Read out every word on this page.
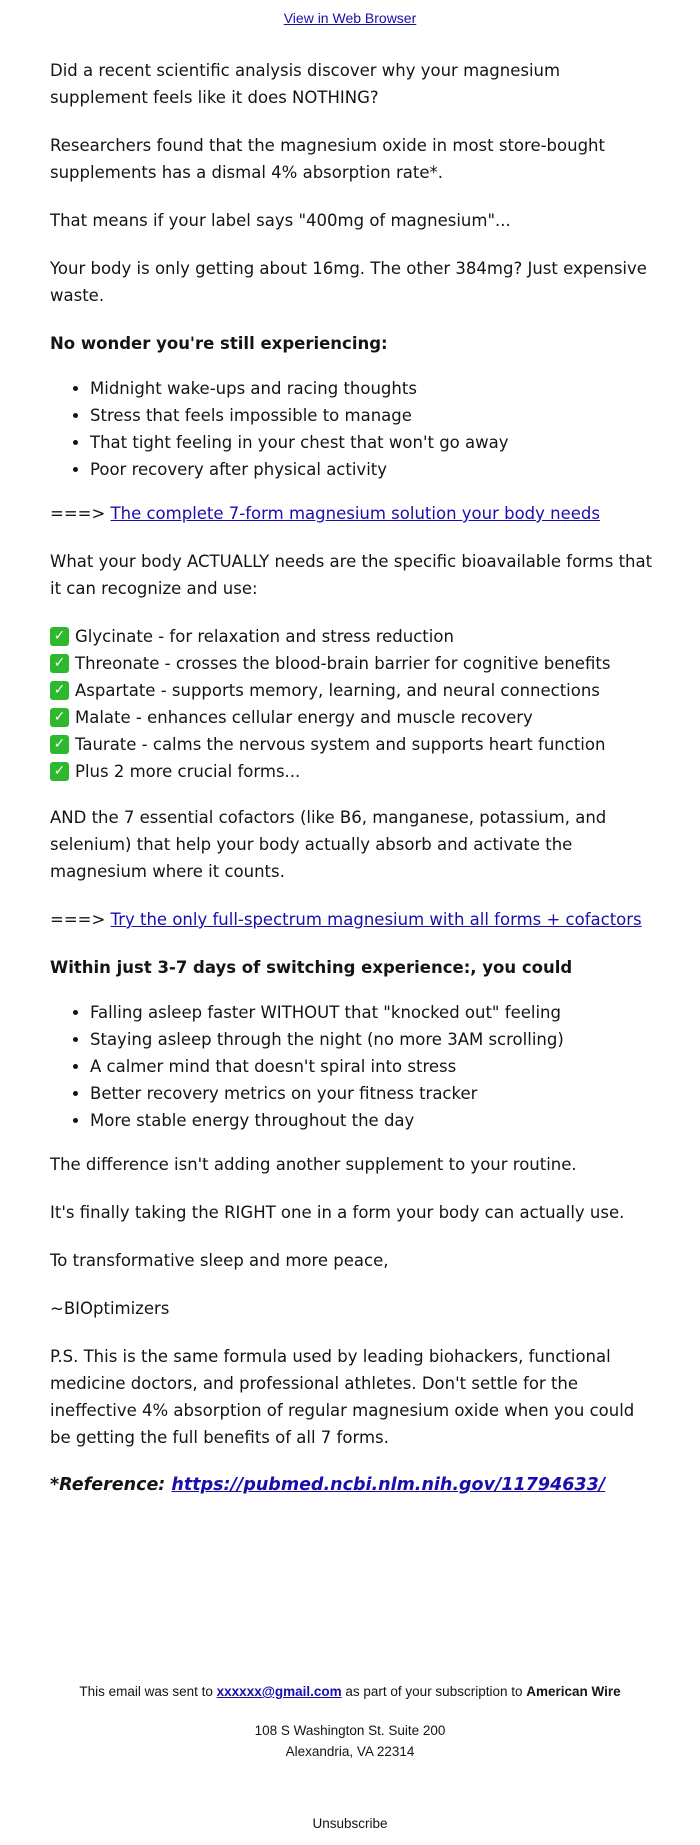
View in Web Browser

Did a recent scientific analysis discover why your magnesium supplement feels like it does NOTHING?

Researchers found that the magnesium oxide in most store-bought supplements has a dismal 4% absorption rate*.

That means if your label says "400mg of magnesium"...

Your body is only getting about 16mg. The other 384mg? Just expensive waste.

No wonder you're still experiencing:
• Midnight wake-ups and racing thoughts
• Stress that feels impossible to manage
• That tight feeling in your chest that won't go away
• Poor recovery after physical activity

===> The complete 7-form magnesium solution your body needs

What your body ACTUALLY needs are the specific bioavailable forms that it can recognize and use:

✓ Glycinate - for relaxation and stress reduction
✓ Threonate - crosses the blood-brain barrier for cognitive benefits
✓ Aspartate - supports memory, learning, and neural connections
✓ Malate - enhances cellular energy and muscle recovery
✓ Taurate - calms the nervous system and supports heart function
✓ Plus 2 more crucial forms...

AND the 7 essential cofactors (like B6, manganese, potassium, and selenium) that help your body actually absorb and activate the magnesium where it counts.

===> Try the only full-spectrum magnesium with all forms + cofactors

Within just 3-7 days of switching experience:, you could
• Falling asleep faster WITHOUT that "knocked out" feeling
• Staying asleep through the night (no more 3AM scrolling)
• A calmer mind that doesn't spiral into stress
• Better recovery metrics on your fitness tracker
• More stable energy throughout the day

The difference isn't adding another supplement to your routine.

It's finally taking the RIGHT one in a form your body can actually use.

To transformative sleep and more peace,

~BIOptimizers

P.S. This is the same formula used by leading biohackers, functional medicine doctors, and professional athletes. Don't settle for the ineffective 4% absorption of regular magnesium oxide when you could be getting the full benefits of all 7 forms.

*Reference: https://pubmed.ncbi.nlm.nih.gov/11794633/

This email was sent to xxxxxx@gmail.com as part of your subscription to American Wire
108 S Washington St. Suite 200
Alexandria, VA 22314
Unsubscribe
